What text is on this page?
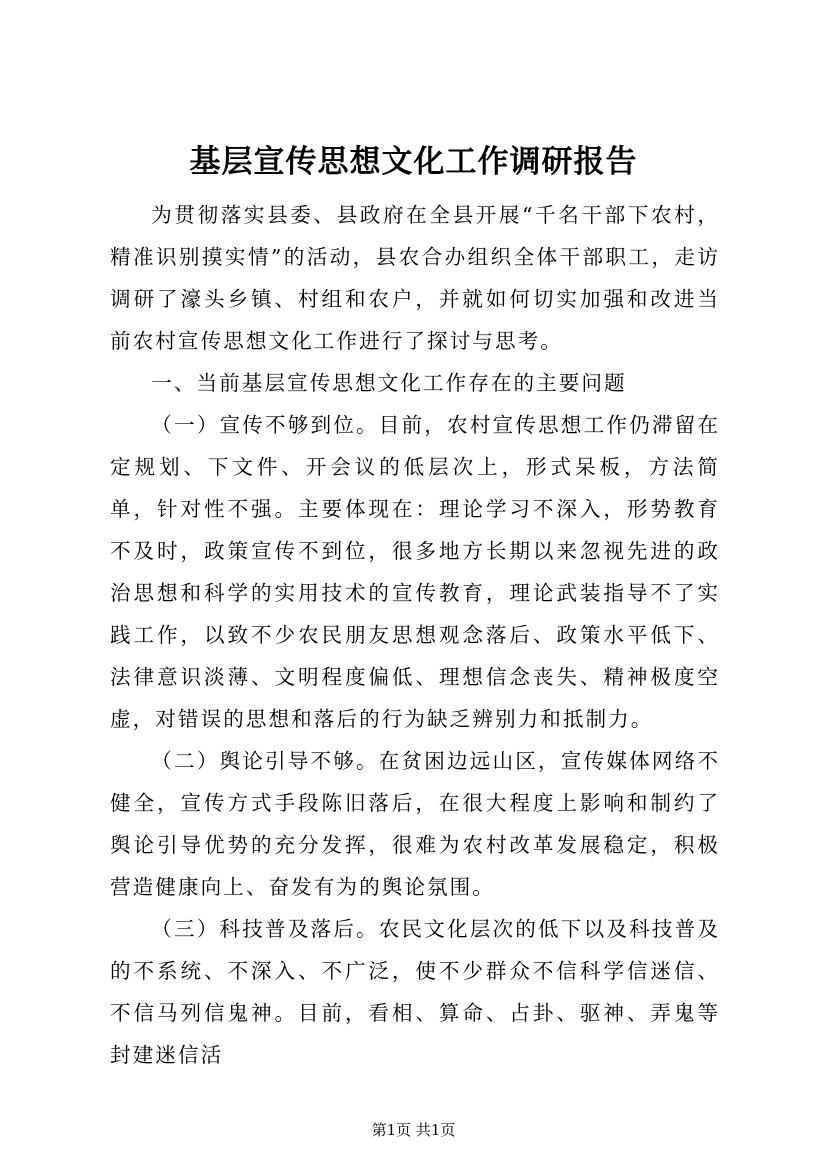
基层宣传思想文化工作调研报告

为贯彻落实县委、县政府在全县开展“千名干部下农村，精准识别摸实情”的活动，县农合办组织全体干部职工，走访调研了濠头乡镇、村组和农户，并就如何切实加强和改进当前农村宣传思想文化工作进行了探讨与思考。

一、当前基层宣传思想文化工作存在的主要问题

（一）宣传不够到位。目前，农村宣传思想工作仍滞留在定规划、下文件、开会议的低层次上，形式呆板，方法简单，针对性不强。主要体现在：理论学习不深入，形势教育不及时，政策宣传不到位，很多地方长期以来忽视先进的政治思想和科学的实用技术的宣传教育，理论武装指导不了实践工作，以致不少农民朋友思想观念落后、政策水平低下、法律意识淡薄、文明程度偏低、理想信念丧失、精神极度空虚，对错误的思想和落后的行为缺乏辨别力和抵制力。

（二）舆论引导不够。在贫困边远山区，宣传媒体网络不健全，宣传方式手段陈旧落后，在很大程度上影响和制约了舆论引导优势的充分发挥，很难为农村改革发展稳定，积极营造健康向上、奋发有为的舆论氛围。

（三）科技普及落后。农民文化层次的低下以及科技普及的不系统、不深入、不广泛，使不少群众不信科学信迷信、不信马列信鬼神。目前，看相、算命、占卦、驱神、弄鬼等封建迷信活

第1页 共1页
